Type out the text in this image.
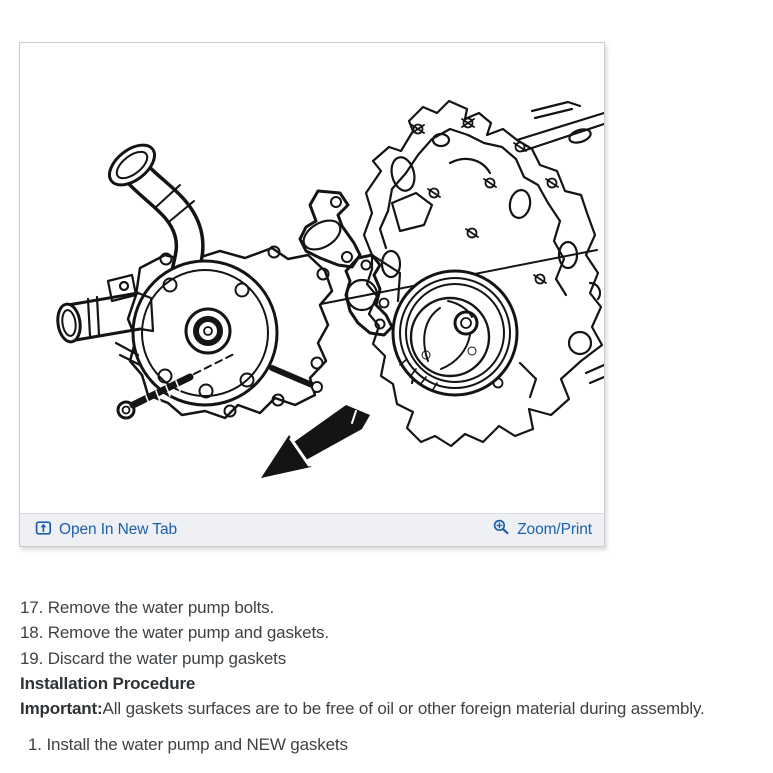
Open In New Tab	Zoom/Print
17. Remove the water pump bolts.
18. Remove the water pump and gaskets.
19. Discard the water pump gaskets
Installation Procedure
Important:All gaskets surfaces are to be free of oil or other foreign material during assembly.
1. Install the water pump and NEW gaskets
